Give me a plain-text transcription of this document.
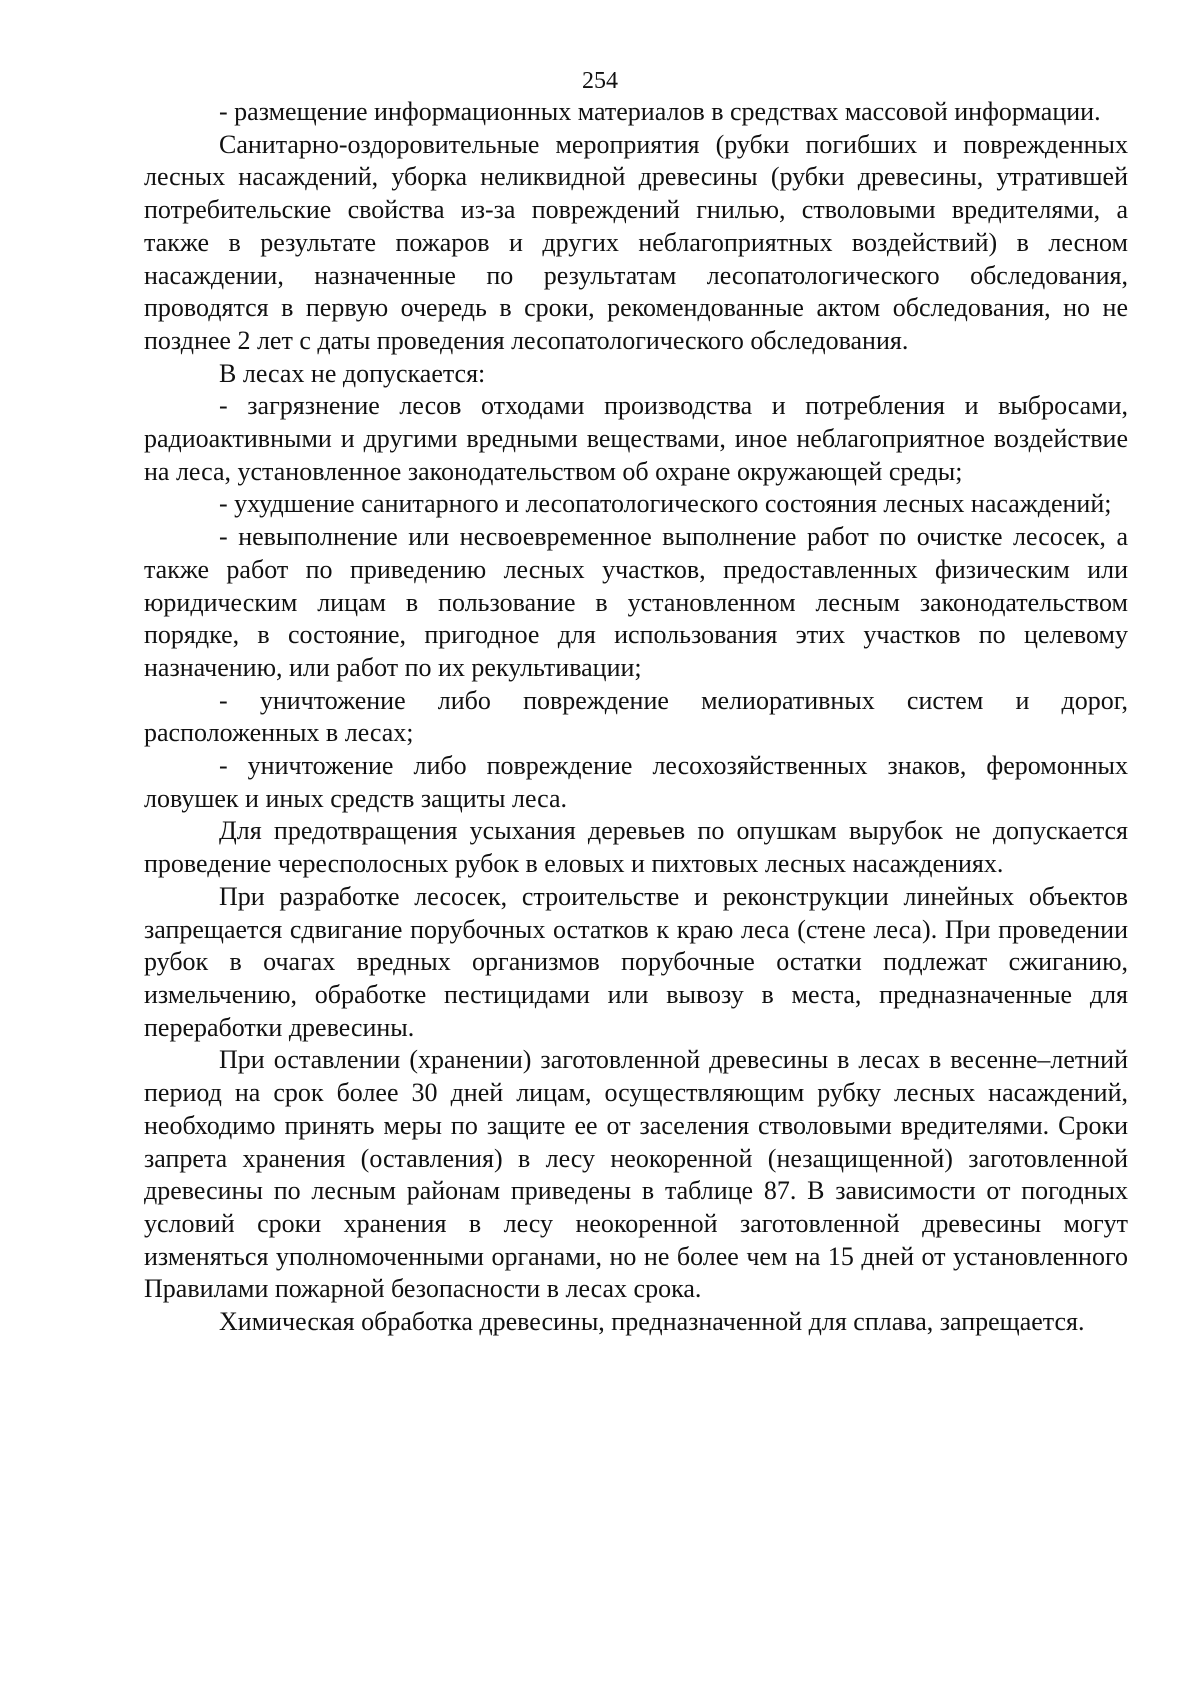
254

- размещение информационных материалов в средствах массовой информации.

Санитарно-оздоровительные мероприятия (рубки погибших и поврежденных лесных насаждений, уборка неликвидной древесины (рубки древесины, утратившей потребительские свойства из-за повреждений гнилью, стволовыми вредителями, а также в результате пожаров и других неблагоприятных воздействий) в лесном насаждении, назначенные по результатам лесопатологического обследования, проводятся в первую очередь в сроки, рекомендованные актом обследования, но не позднее 2 лет с даты проведения лесопатологического обследования.

В лесах не допускается:

- загрязнение лесов отходами производства и потребления и выбросами, радиоактивными и другими вредными веществами, иное неблагоприятное воздействие на леса, установленное законодательством об охране окружающей среды;

- ухудшение санитарного и лесопатологического состояния лесных насаждений;

- невыполнение или несвоевременное выполнение работ по очистке лесосек, а также работ по приведению лесных участков, предоставленных физическим или юридическим лицам в пользование в установленном лесным законодательством порядке, в состояние, пригодное для использования этих участков по целевому назначению, или работ по их рекультивации;

- уничтожение либо повреждение мелиоративных систем и дорог, расположенных в лесах;

- уничтожение либо повреждение лесохозяйственных знаков, феромонных ловушек и иных средств защиты леса.

Для предотвращения усыхания деревьев по опушкам вырубок не допускается проведение чересполосных рубок в еловых и пихтовых лесных насаждениях.

При разработке лесосек, строительстве и реконструкции линейных объектов запрещается сдвигание порубочных остатков к краю леса (стене леса). При проведении рубок в очагах вредных организмов порубочные остатки подлежат сжиганию, измельчению, обработке пестицидами или вывозу в места, предназначенные для переработки древесины.

При оставлении (хранении) заготовленной древесины в лесах в весенне–летний период на срок более 30 дней лицам, осуществляющим рубку лесных насаждений, необходимо принять меры по защите ее от заселения стволовыми вредителями. Сроки запрета хранения (оставления) в лесу неокоренной (незащищенной) заготовленной древесины по лесным районам приведены в таблице 87. В зависимости от погодных условий сроки хранения в лесу неокоренной заготовленной древесины могут изменяться уполномоченными органами, но не более чем на 15 дней от установленного Правилами пожарной безопасности в лесах срока.

Химическая обработка древесины, предназначенной для сплава, запрещается.
